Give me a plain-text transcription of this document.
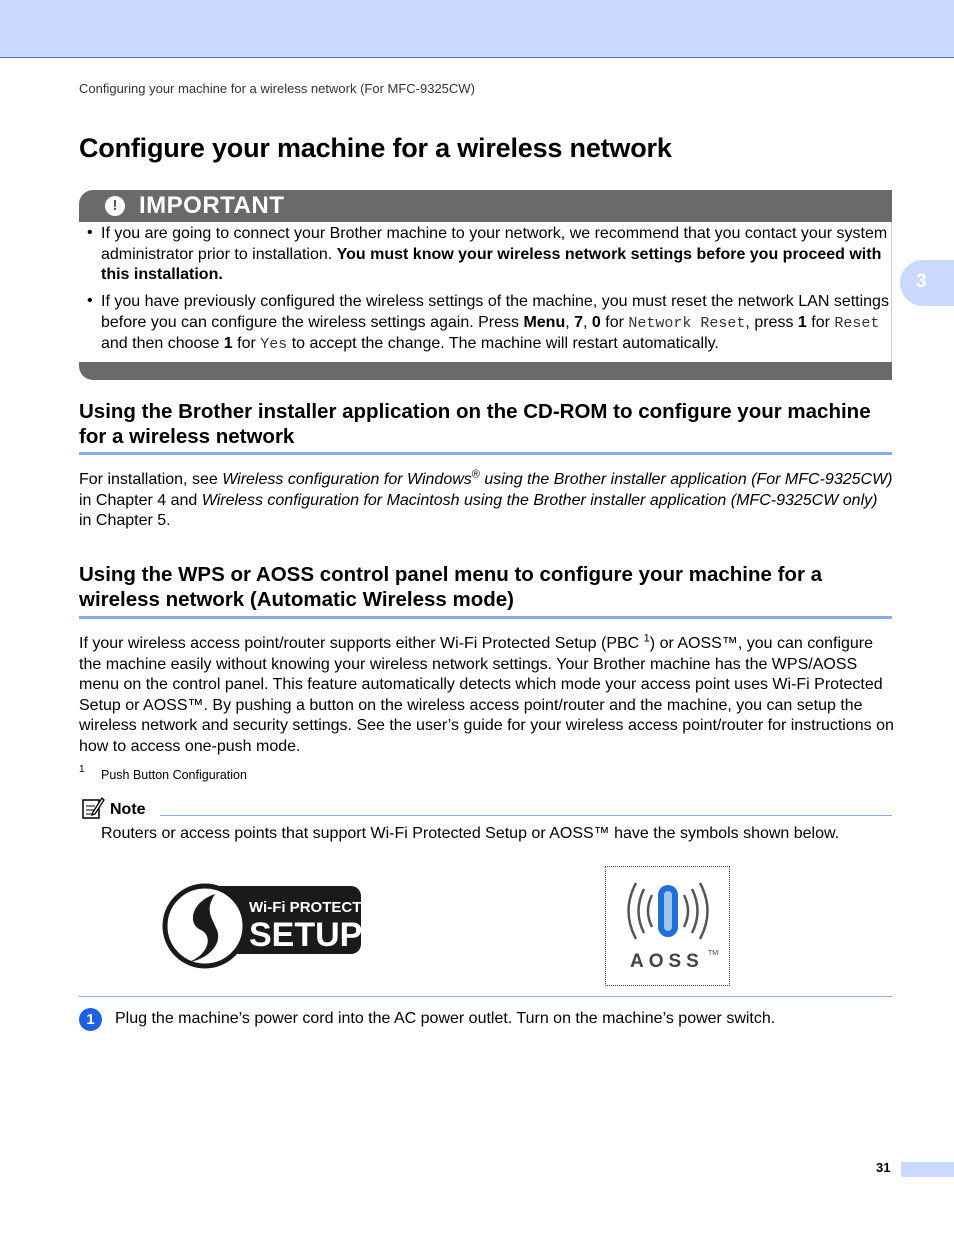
Configuring your machine for a wireless network (For MFC-9325CW)
Configure your machine for a wireless network
3
! IMPORTANT
• If you are going to connect your Brother machine to your network, we recommend that you contact your system administrator prior to installation. You must know your wireless network settings before you proceed with this installation.
• If you have previously configured the wireless settings of the machine, you must reset the network LAN settings before you can configure the wireless settings again. Press Menu, 7, 0 for Network Reset, press 1 for Reset and then choose 1 for Yes to accept the change. The machine will restart automatically.
Using the Brother installer application on the CD-ROM to configure your machine for a wireless network
For installation, see Wireless configuration for Windows® using the Brother installer application (For MFC-9325CW) in Chapter 4 and Wireless configuration for Macintosh using the Brother installer application (MFC-9325CW only) in Chapter 5.
Using the WPS or AOSS control panel menu to configure your machine for a wireless network (Automatic Wireless mode)
If your wireless access point/router supports either Wi-Fi Protected Setup (PBC $^1$) or AOSS™, you can configure the machine easily without knowing your wireless network settings. Your Brother machine has the WPS/AOSS menu on the control panel. This feature automatically detects which mode your access point uses Wi-Fi Protected Setup or AOSS™. By pushing a button on the wireless access point/router and the machine, you can setup the wireless network and security settings. See the user’s guide for your wireless access point/router for instructions on how to access one-push mode.
1 Push Button Configuration
Note
Routers or access points that support Wi-Fi Protected Setup or AOSS™ have the symbols shown below.
Wi-Fi PROTECTED
SETUP
AOSS TM
1	Plug the machine’s power cord into the AC power outlet. Turn on the machine’s power switch.
31
